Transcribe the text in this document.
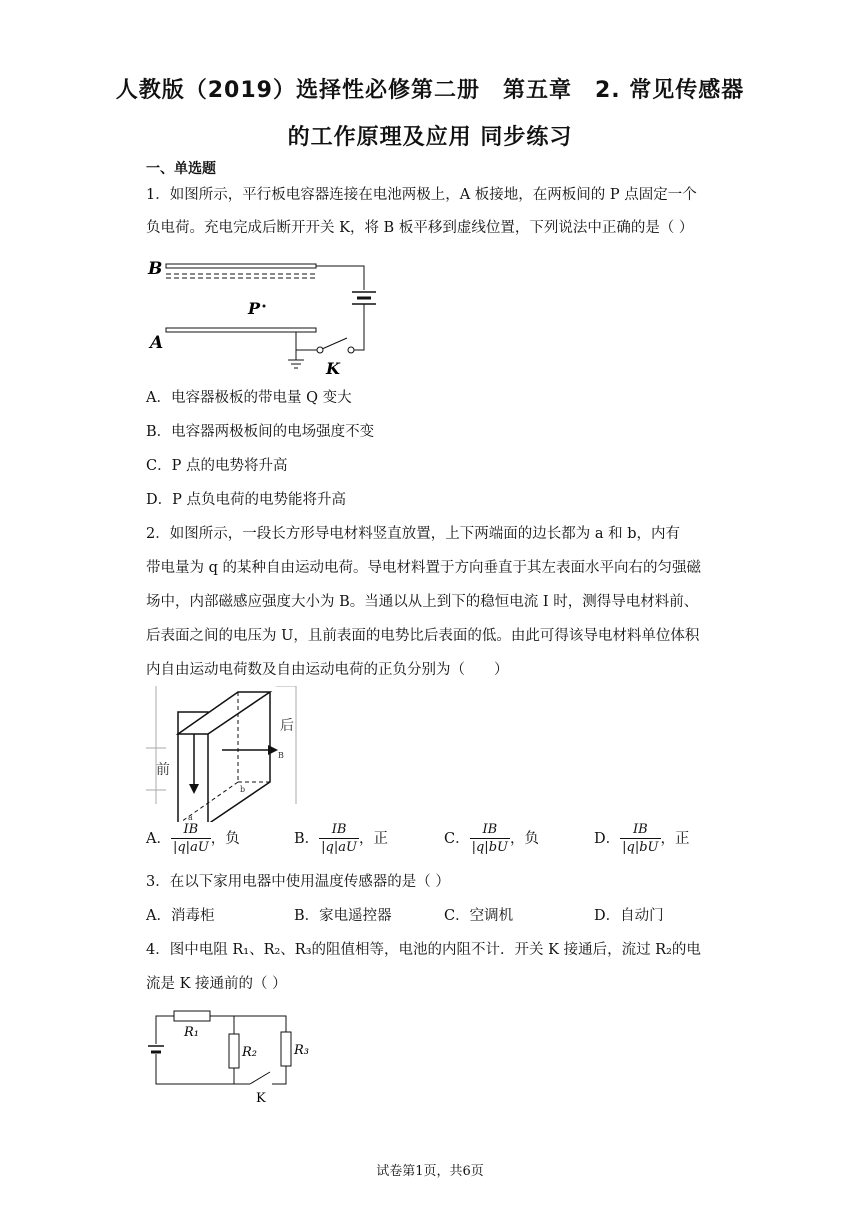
人教版（2019）选择性必修第二册　第五章　2. 常见传感器
的工作原理及应用 同步练习
一、单选题
1．如图所示，平行板电容器连接在电池两极上，A 板接地，在两板间的 P 点固定一个
负电荷。充电完成后断开开关 K，将 B 板平移到虚线位置，下列说法中正确的是（ ）
B
A
P
K
A．电容器极板的带电量 Q 变大
B．电容器两极板间的电场强度不变
C．P 点的电势将升高
D．P 点负电荷的电势能将升高
2．如图所示，一段长方形导电材料竖直放置，上下两端面的边长都为 a 和 b，内有
带电量为 q 的某种自由运动电荷。导电材料置于方向垂直于其左表面水平向右的匀强磁
场中，内部磁感应强度大小为 B。当通以从上到下的稳恒电流 I 时，测得导电材料前、
后表面之间的电压为 U，且前表面的电势比后表面的低。由此可得该导电材料单位体积
内自由运动电荷数及自由运动电荷的正负分别为（　　）
后
前
B
b
a
A． $\frac{IB}{|q|aU}$ ，负	B． $\frac{IB}{|q|aU}$ ，正	C． $\frac{IB}{|q|bU}$ ，负	D． $\frac{IB}{|q|bU}$ ，正
3．在以下家用电器中使用温度传感器的是（ ）
A．消毒柜	B．家电遥控器	C．空调机	D．自动门
4．图中电阻 R₁、R₂、R₃的阻值相等，电池的内阻不计．开关 K 接通后，流过 R₂的电
流是 K 接通前的（ ）
R₁
R₂	R₃
K
试卷第1页，共6页
